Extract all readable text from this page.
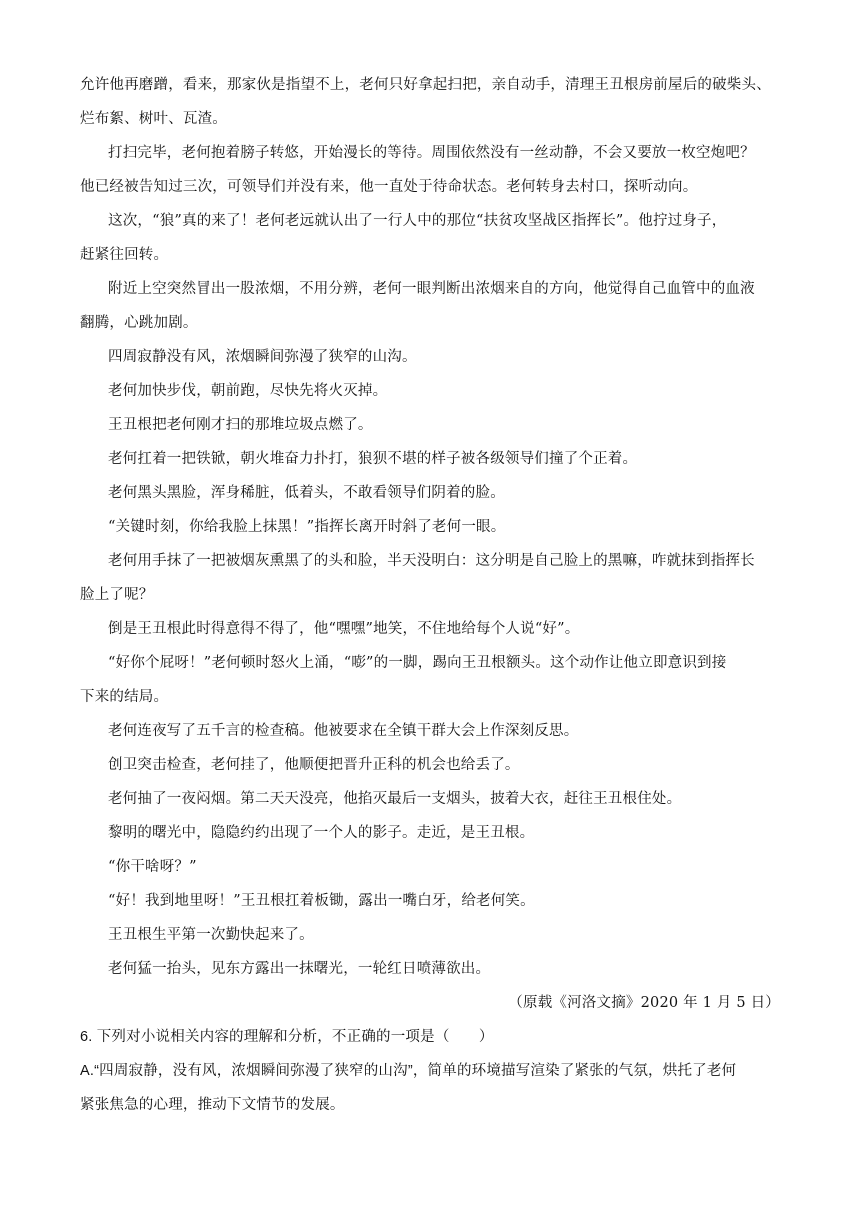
允许他再磨蹭，看来，那家伙是指望不上，老何只好拿起扫把，亲自动手，清理王丑根房前屋后的破柴头、
烂布絮、树叶、瓦渣。
打扫完毕，老何抱着膀子转悠，开始漫长的等待。周围依然没有一丝动静，不会又要放一枚空炮吧？
他已经被告知过三次，可领导们并没有来，他一直处于待命状态。老何转身去村口，探听动向。
这次，“狼”真的来了！老何老远就认出了一行人中的那位“扶贫攻坚战区指挥长”。他拧过身子，
赶紧往回转。
附近上空突然冒出一股浓烟，不用分辨，老何一眼判断出浓烟来自的方向，他觉得自己血管中的血液
翻腾，心跳加剧。
四周寂静没有风，浓烟瞬间弥漫了狭窄的山沟。
老何加快步伐，朝前跑，尽快先将火灭掉。
王丑根把老何刚才扫的那堆垃圾点燃了。
老何扛着一把铁锨，朝火堆奋力扑打，狼狈不堪的样子被各级领导们撞了个正着。
老何黑头黑脸，浑身稀脏，低着头，不敢看领导们阴着的脸。
“关键时刻，你给我脸上抹黑！”指挥长离开时斜了老何一眼。
老何用手抹了一把被烟灰熏黑了的头和脸，半天没明白：这分明是自己脸上的黑嘛，咋就抹到指挥长
脸上了呢？
倒是王丑根此时得意得不得了，他“嘿嘿”地笑，不住地给每个人说“好”。
“好你个屁呀！”老何顿时怒火上涌，“嘭”的一脚，踢向王丑根额头。这个动作让他立即意识到接
下来的结局。
老何连夜写了五千言的检查稿。他被要求在全镇干群大会上作深刻反思。
创卫突击检查，老何挂了，他顺便把晋升正科的机会也给丢了。
老何抽了一夜闷烟。第二天天没亮，他掐灭最后一支烟头，披着大衣，赶往王丑根住处。
黎明的曙光中，隐隐约约出现了一个人的影子。走近，是王丑根。
“你干啥呀？”
“好！我到地里呀！”王丑根扛着板锄，露出一嘴白牙，给老何笑。
王丑根生平第一次勤快起来了。
老何猛一抬头，见东方露出一抹曙光，一轮红日喷薄欲出。
（原载《河洛文摘》2020 年 1 月 5 日）
6. 下列对小说相关内容的理解和分析，不正确的一项是（　　）
A.“四周寂静，没有风，浓烟瞬间弥漫了狭窄的山沟”，简单的环境描写渲染了紧张的气氛，烘托了老何
紧张焦急的心理，推动下文情节的发展。
